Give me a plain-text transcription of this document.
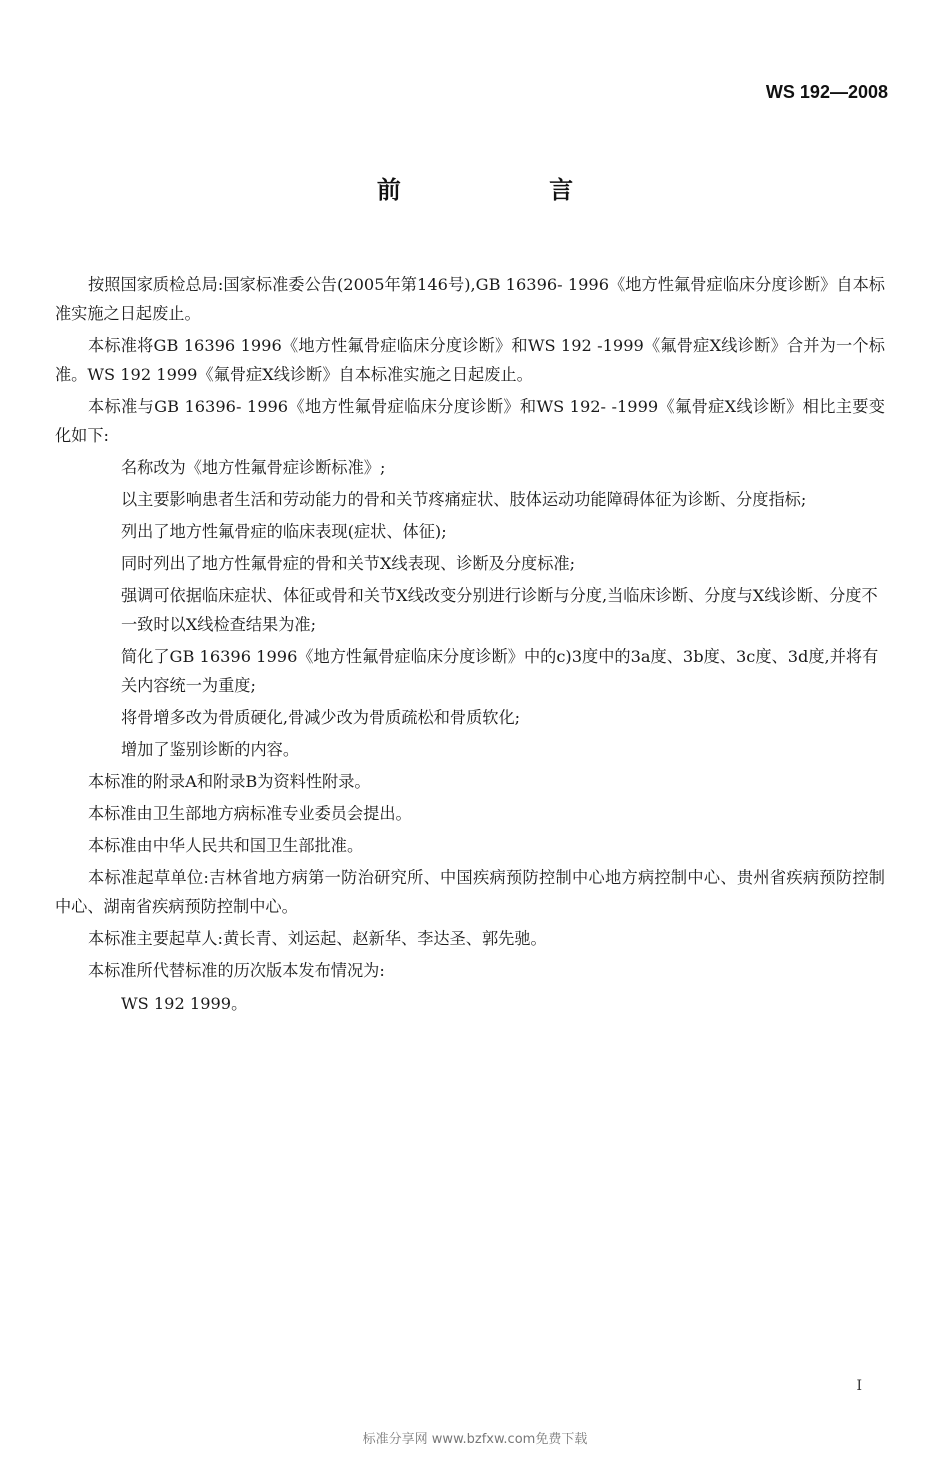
WS 192—2008
前 言

按照国家质检总局:国家标准委公告(2005年第146号),GB 16396- 1996《地方性氟骨症临床分度诊断》自本标准实施之日起废止。

本标准将GB 16396 1996《地方性氟骨症临床分度诊断》和WS 192 -1999《氟骨症X线诊断》合并为一个标准。WS 192 1999《氟骨症X线诊断》自本标准实施之日起废止。

本标准与GB 16396- 1996《地方性氟骨症临床分度诊断》和WS 192- -1999《氟骨症X线诊断》相比主要变化如下:

名称改为《地方性氟骨症诊断标准》;

以主要影响患者生活和劳动能力的骨和关节疼痛症状、肢体运动功能障碍体征为诊断、分度指标;

列出了地方性氟骨症的临床表现(症状、体征);

同时列出了地方性氟骨症的骨和关节X线表现、诊断及分度标准;

强调可依据临床症状、体征或骨和关节X线改变分别进行诊断与分度,当临床诊断、分度与X线诊断、分度不一致时以X线检查结果为准;

简化了GB 16396 1996《地方性氟骨症临床分度诊断》中的c)3度中的3a度、3b度、3c度、3d度,并将有关内容统一为重度;

将骨增多改为骨质硬化,骨减少改为骨质疏松和骨质软化;

增加了鉴别诊断的内容。

本标准的附录A和附录B为资料性附录。

本标准由卫生部地方病标准专业委员会提出。

本标准由中华人民共和国卫生部批准。

本标准起草单位:吉林省地方病第一防治研究所、中国疾病预防控制中心地方病控制中心、贵州省疾病预防控制中心、湖南省疾病预防控制中心。

本标准主要起草人:黄长青、刘运起、赵新华、李达圣、郭先驰。

本标准所代替标准的历次版本发布情况为:

WS 192 1999。

I
标准分享网 www.bzfxw.com免费下载
